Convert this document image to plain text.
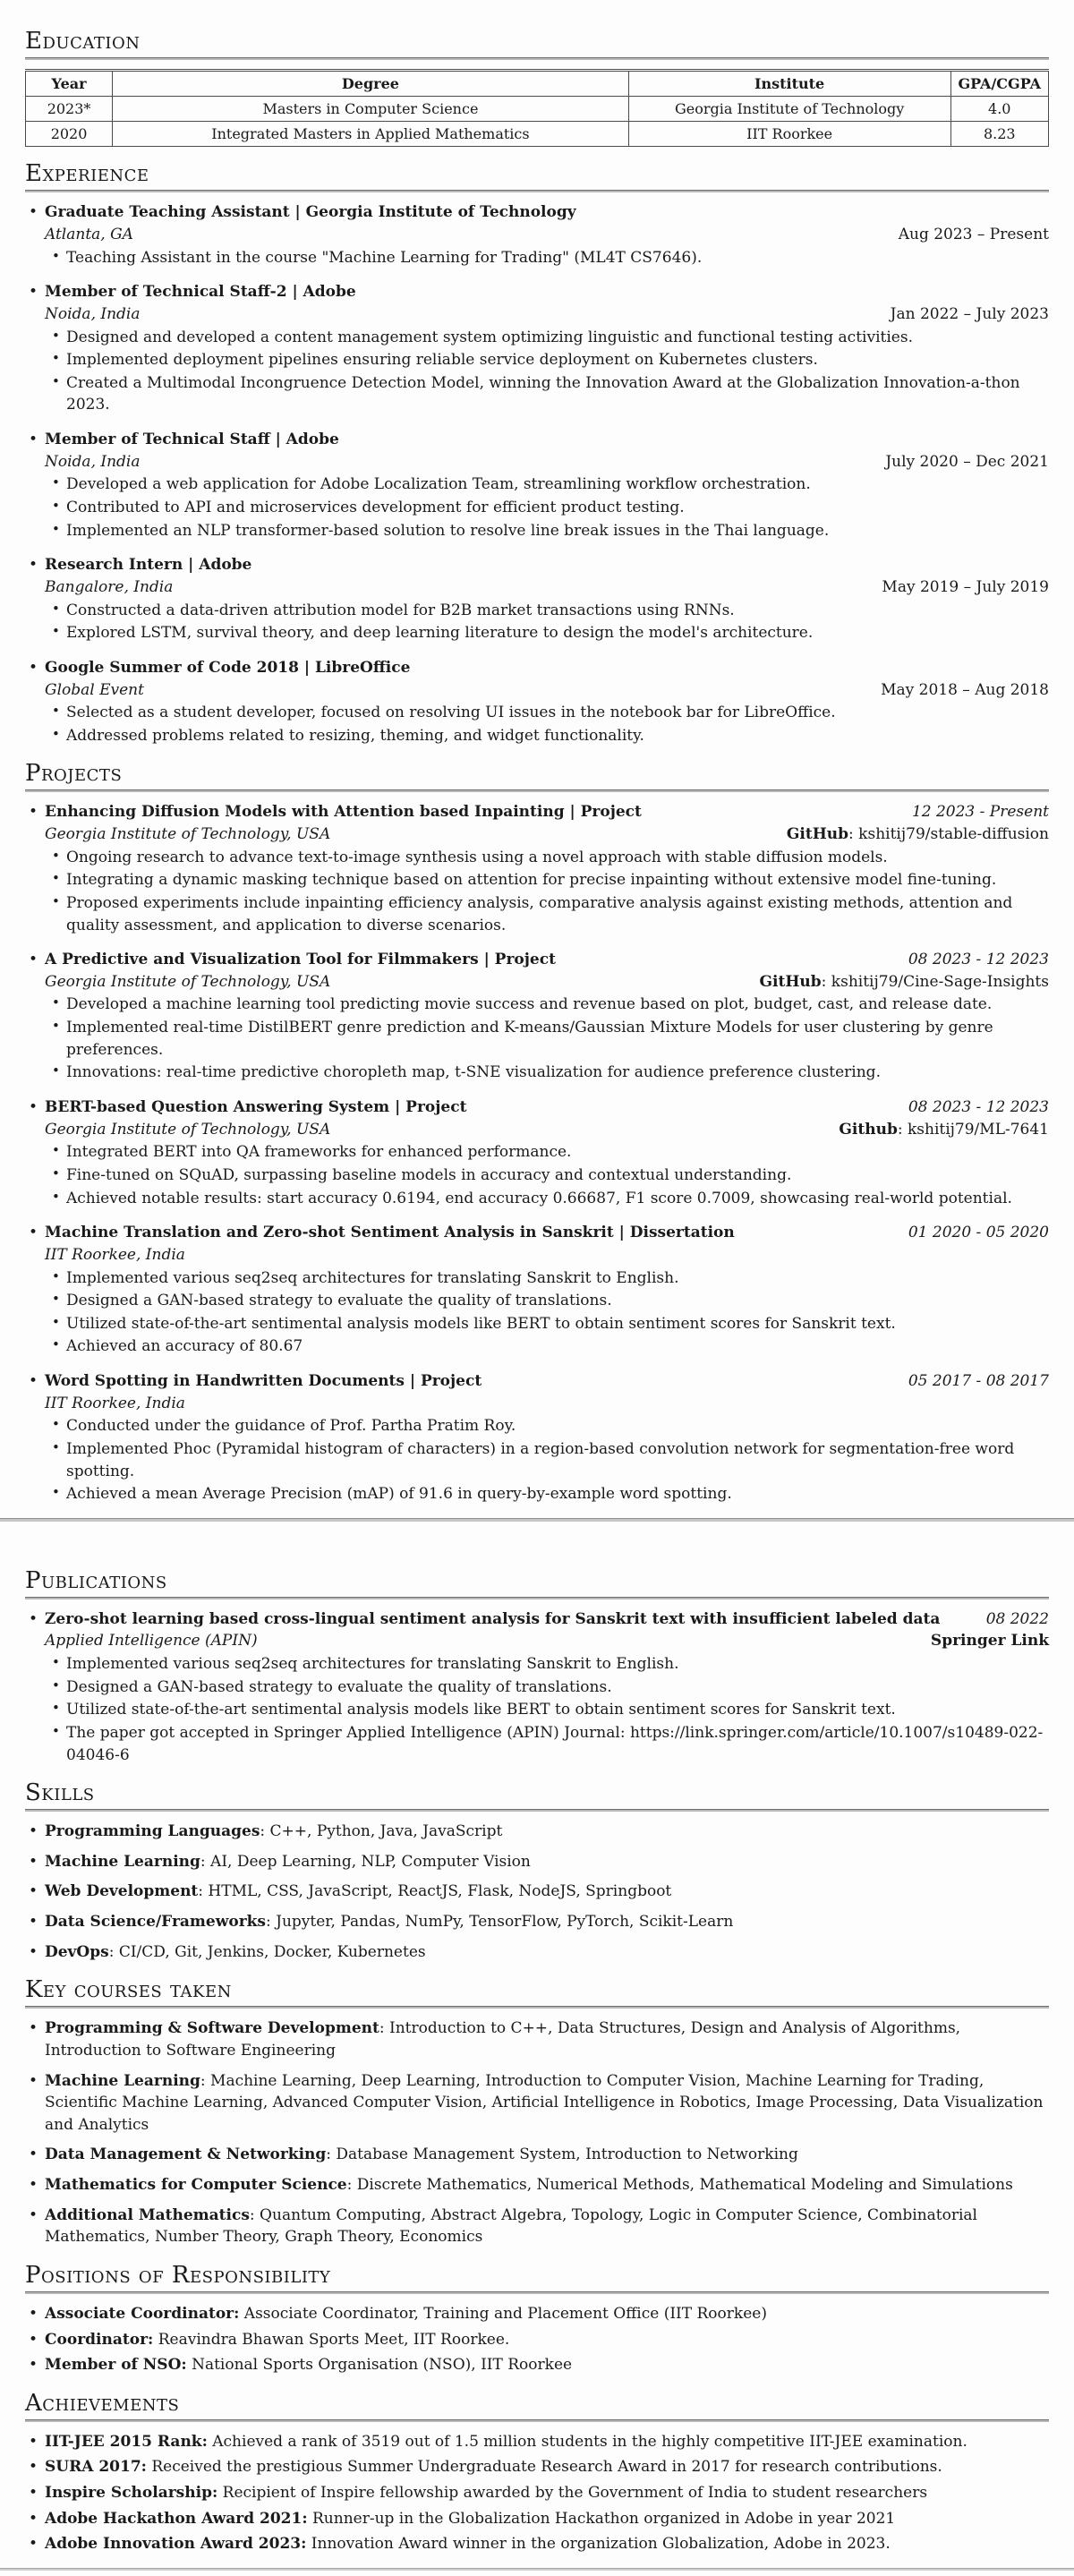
Education
Year	Degree	Institute	GPA/CGPA
2023*	Masters in Computer Science	Georgia Institute of Technology	4.0
2020	Integrated Masters in Applied Mathematics	IIT Roorkee	8.23
Experience
• Graduate Teaching Assistant | Georgia Institute of Technology
Atlanta, GA	Aug 2023 – Present
• Teaching Assistant in the course "Machine Learning for Trading" (ML4T CS7646).
• Member of Technical Staff-2 | Adobe
Noida, India	Jan 2022 – July 2023
• Designed and developed a content management system optimizing linguistic and functional testing activities.
• Implemented deployment pipelines ensuring reliable service deployment on Kubernetes clusters.
• Created a Multimodal Incongruence Detection Model, winning the Innovation Award at the Globalization Innovation-a-thon 2023.
• Member of Technical Staff | Adobe
Noida, India	July 2020 – Dec 2021
• Developed a web application for Adobe Localization Team, streamlining workflow orchestration.
• Contributed to API and microservices development for efficient product testing.
• Implemented an NLP transformer-based solution to resolve line break issues in the Thai language.
• Research Intern | Adobe
Bangalore, India	May 2019 – July 2019
• Constructed a data-driven attribution model for B2B market transactions using RNNs.
• Explored LSTM, survival theory, and deep learning literature to design the model's architecture.
• Google Summer of Code 2018 | LibreOffice
Global Event	May 2018 – Aug 2018
• Selected as a student developer, focused on resolving UI issues in the notebook bar for LibreOffice.
• Addressed problems related to resizing, theming, and widget functionality.
Projects
• Enhancing Diffusion Models with Attention based Inpainting | Project	12 2023 - Present
Georgia Institute of Technology, USA	GitHub: kshitij79/stable-diffusion
• Ongoing research to advance text-to-image synthesis using a novel approach with stable diffusion models.
• Integrating a dynamic masking technique based on attention for precise inpainting without extensive model fine-tuning.
• Proposed experiments include inpainting efficiency analysis, comparative analysis against existing methods, attention and quality assessment, and application to diverse scenarios.
• A Predictive and Visualization Tool for Filmmakers | Project	08 2023 - 12 2023
Georgia Institute of Technology, USA	GitHub: kshitij79/Cine-Sage-Insights
• Developed a machine learning tool predicting movie success and revenue based on plot, budget, cast, and release date.
• Implemented real-time DistilBERT genre prediction and K-means/Gaussian Mixture Models for user clustering by genre preferences.
• Innovations: real-time predictive choropleth map, t-SNE visualization for audience preference clustering.
• BERT-based Question Answering System | Project	08 2023 - 12 2023
Georgia Institute of Technology, USA	Github: kshitij79/ML-7641
• Integrated BERT into QA frameworks for enhanced performance.
• Fine-tuned on SQuAD, surpassing baseline models in accuracy and contextual understanding.
• Achieved notable results: start accuracy 0.6194, end accuracy 0.66687, F1 score 0.7009, showcasing real-world potential.
• Machine Translation and Zero-shot Sentiment Analysis in Sanskrit | Dissertation	01 2020 - 05 2020
IIT Roorkee, India
• Implemented various seq2seq architectures for translating Sanskrit to English.
• Designed a GAN-based strategy to evaluate the quality of translations.
• Utilized state-of-the-art sentimental analysis models like BERT to obtain sentiment scores for Sanskrit text.
• Achieved an accuracy of 80.67
• Word Spotting in Handwritten Documents | Project	05 2017 - 08 2017
IIT Roorkee, India
• Conducted under the guidance of Prof. Partha Pratim Roy.
• Implemented Phoc (Pyramidal histogram of characters) in a region-based convolution network for segmentation-free word spotting.
• Achieved a mean Average Precision (mAP) of 91.6 in query-by-example word spotting.
Publications
• Zero-shot learning based cross-lingual sentiment analysis for Sanskrit text with insufficient labeled data	08 2022
Applied Intelligence (APIN)	Springer Link
• Implemented various seq2seq architectures for translating Sanskrit to English.
• Designed a GAN-based strategy to evaluate the quality of translations.
• Utilized state-of-the-art sentimental analysis models like BERT to obtain sentiment scores for Sanskrit text.
• The paper got accepted in Springer Applied Intelligence (APIN) Journal: https://link.springer.com/article/10.1007/s10489-022-04046-6
Skills
• Programming Languages: C++, Python, Java, JavaScript
• Machine Learning: AI, Deep Learning, NLP, Computer Vision
• Web Development: HTML, CSS, JavaScript, ReactJS, Flask, NodeJS, Springboot
• Data Science/Frameworks: Jupyter, Pandas, NumPy, TensorFlow, PyTorch, Scikit-Learn
• DevOps: CI/CD, Git, Jenkins, Docker, Kubernetes
Key courses taken
• Programming & Software Development: Introduction to C++, Data Structures, Design and Analysis of Algorithms, Introduction to Software Engineering
• Machine Learning: Machine Learning, Deep Learning, Introduction to Computer Vision, Machine Learning for Trading, Scientific Machine Learning, Advanced Computer Vision, Artificial Intelligence in Robotics, Image Processing, Data Visualization and Analytics
• Data Management & Networking: Database Management System, Introduction to Networking
• Mathematics for Computer Science: Discrete Mathematics, Numerical Methods, Mathematical Modeling and Simulations
• Additional Mathematics: Quantum Computing, Abstract Algebra, Topology, Logic in Computer Science, Combinatorial Mathematics, Number Theory, Graph Theory, Economics
Positions of Responsibility
• Associate Coordinator: Associate Coordinator, Training and Placement Office (IIT Roorkee)
• Coordinator: Reavindra Bhawan Sports Meet, IIT Roorkee.
• Member of NSO: National Sports Organisation (NSO), IIT Roorkee
Achievements
• IIT-JEE 2015 Rank: Achieved a rank of 3519 out of 1.5 million students in the highly competitive IIT-JEE examination.
• SURA 2017: Received the prestigious Summer Undergraduate Research Award in 2017 for research contributions.
• Inspire Scholarship: Recipient of Inspire fellowship awarded by the Government of India to student researchers
• Adobe Hackathon Award 2021: Runner-up in the Globalization Hackathon organized in Adobe in year 2021
• Adobe Innovation Award 2023: Innovation Award winner in the organization Globalization, Adobe in 2023.
